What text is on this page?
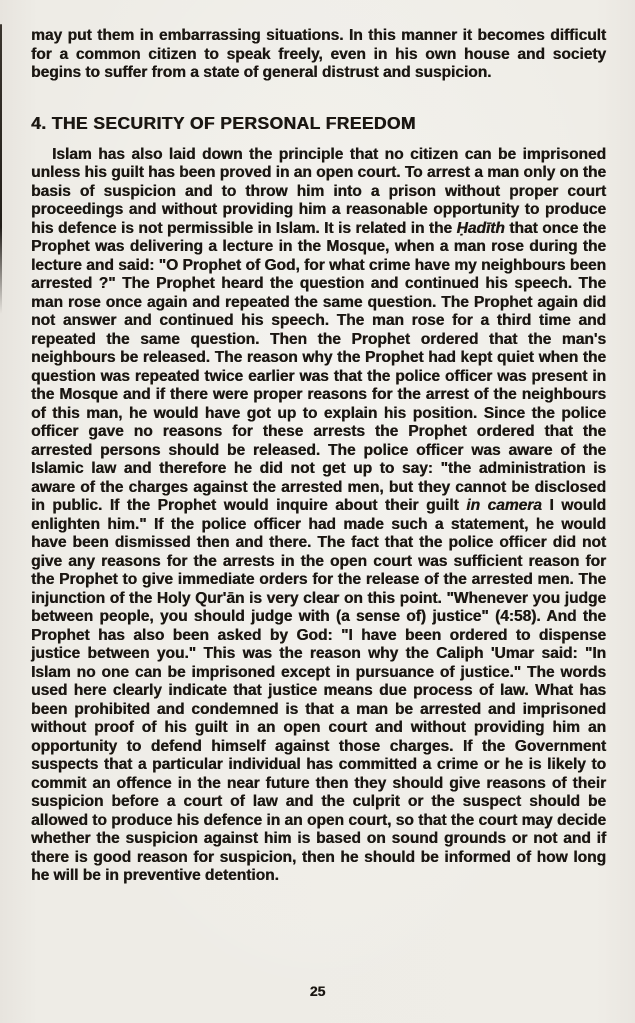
may put them in embarrassing situations. In this manner it becomes difficult for a common citizen to speak freely, even in his own house and society begins to suffer from a state of general distrust and suspicion.

4. THE SECURITY OF PERSONAL FREEDOM

Islam has also laid down the principle that no citizen can be imprisoned unless his guilt has been proved in an open court. To arrest a man only on the basis of suspicion and to throw him into a prison without proper court proceedings and without providing him a reasonable opportunity to produce his defence is not permissible in Islam. It is related in the Ḥadīth that once the Prophet was delivering a lecture in the Mosque, when a man rose during the lecture and said: "O Prophet of God, for what crime have my neighbours been arrested ?" The Prophet heard the question and continued his speech. The man rose once again and repeated the same question. The Prophet again did not answer and continued his speech. The man rose for a third time and repeated the same question. Then the Prophet ordered that the man's neighbours be released. The reason why the Prophet had kept quiet when the question was repeated twice earlier was that the police officer was present in the Mosque and if there were proper reasons for the arrest of the neighbours of this man, he would have got up to explain his position. Since the police officer gave no reasons for these arrests the Prophet ordered that the arrested persons should be released. The police officer was aware of the Islamic law and therefore he did not get up to say: "the administration is aware of the charges against the arrested men, but they cannot be disclosed in public. If the Prophet would inquire about their guilt in camera I would enlighten him." If the police officer had made such a statement, he would have been dismissed then and there. The fact that the police officer did not give any reasons for the arrests in the open court was sufficient reason for the Prophet to give immediate orders for the release of the arrested men. The injunction of the Holy Qur'ān is very clear on this point. "Whenever you judge between people, you should judge with (a sense of) justice" (4:58). And the Prophet has also been asked by God: "I have been ordered to dispense justice between you." This was the reason why the Caliph 'Umar said: "In Islam no one can be imprisoned except in pursuance of justice." The words used here clearly indicate that justice means due process of law. What has been prohibited and condemned is that a man be arrested and imprisoned without proof of his guilt in an open court and without providing him an opportunity to defend himself against those charges. If the Government suspects that a particular individual has committed a crime or he is likely to commit an offence in the near future then they should give reasons of their suspicion before a court of law and the culprit or the suspect should be allowed to produce his defence in an open court, so that the court may decide whether the suspicion against him is based on sound grounds or not and if there is good reason for suspicion, then he should be informed of how long he will be in preventive detention.

25
